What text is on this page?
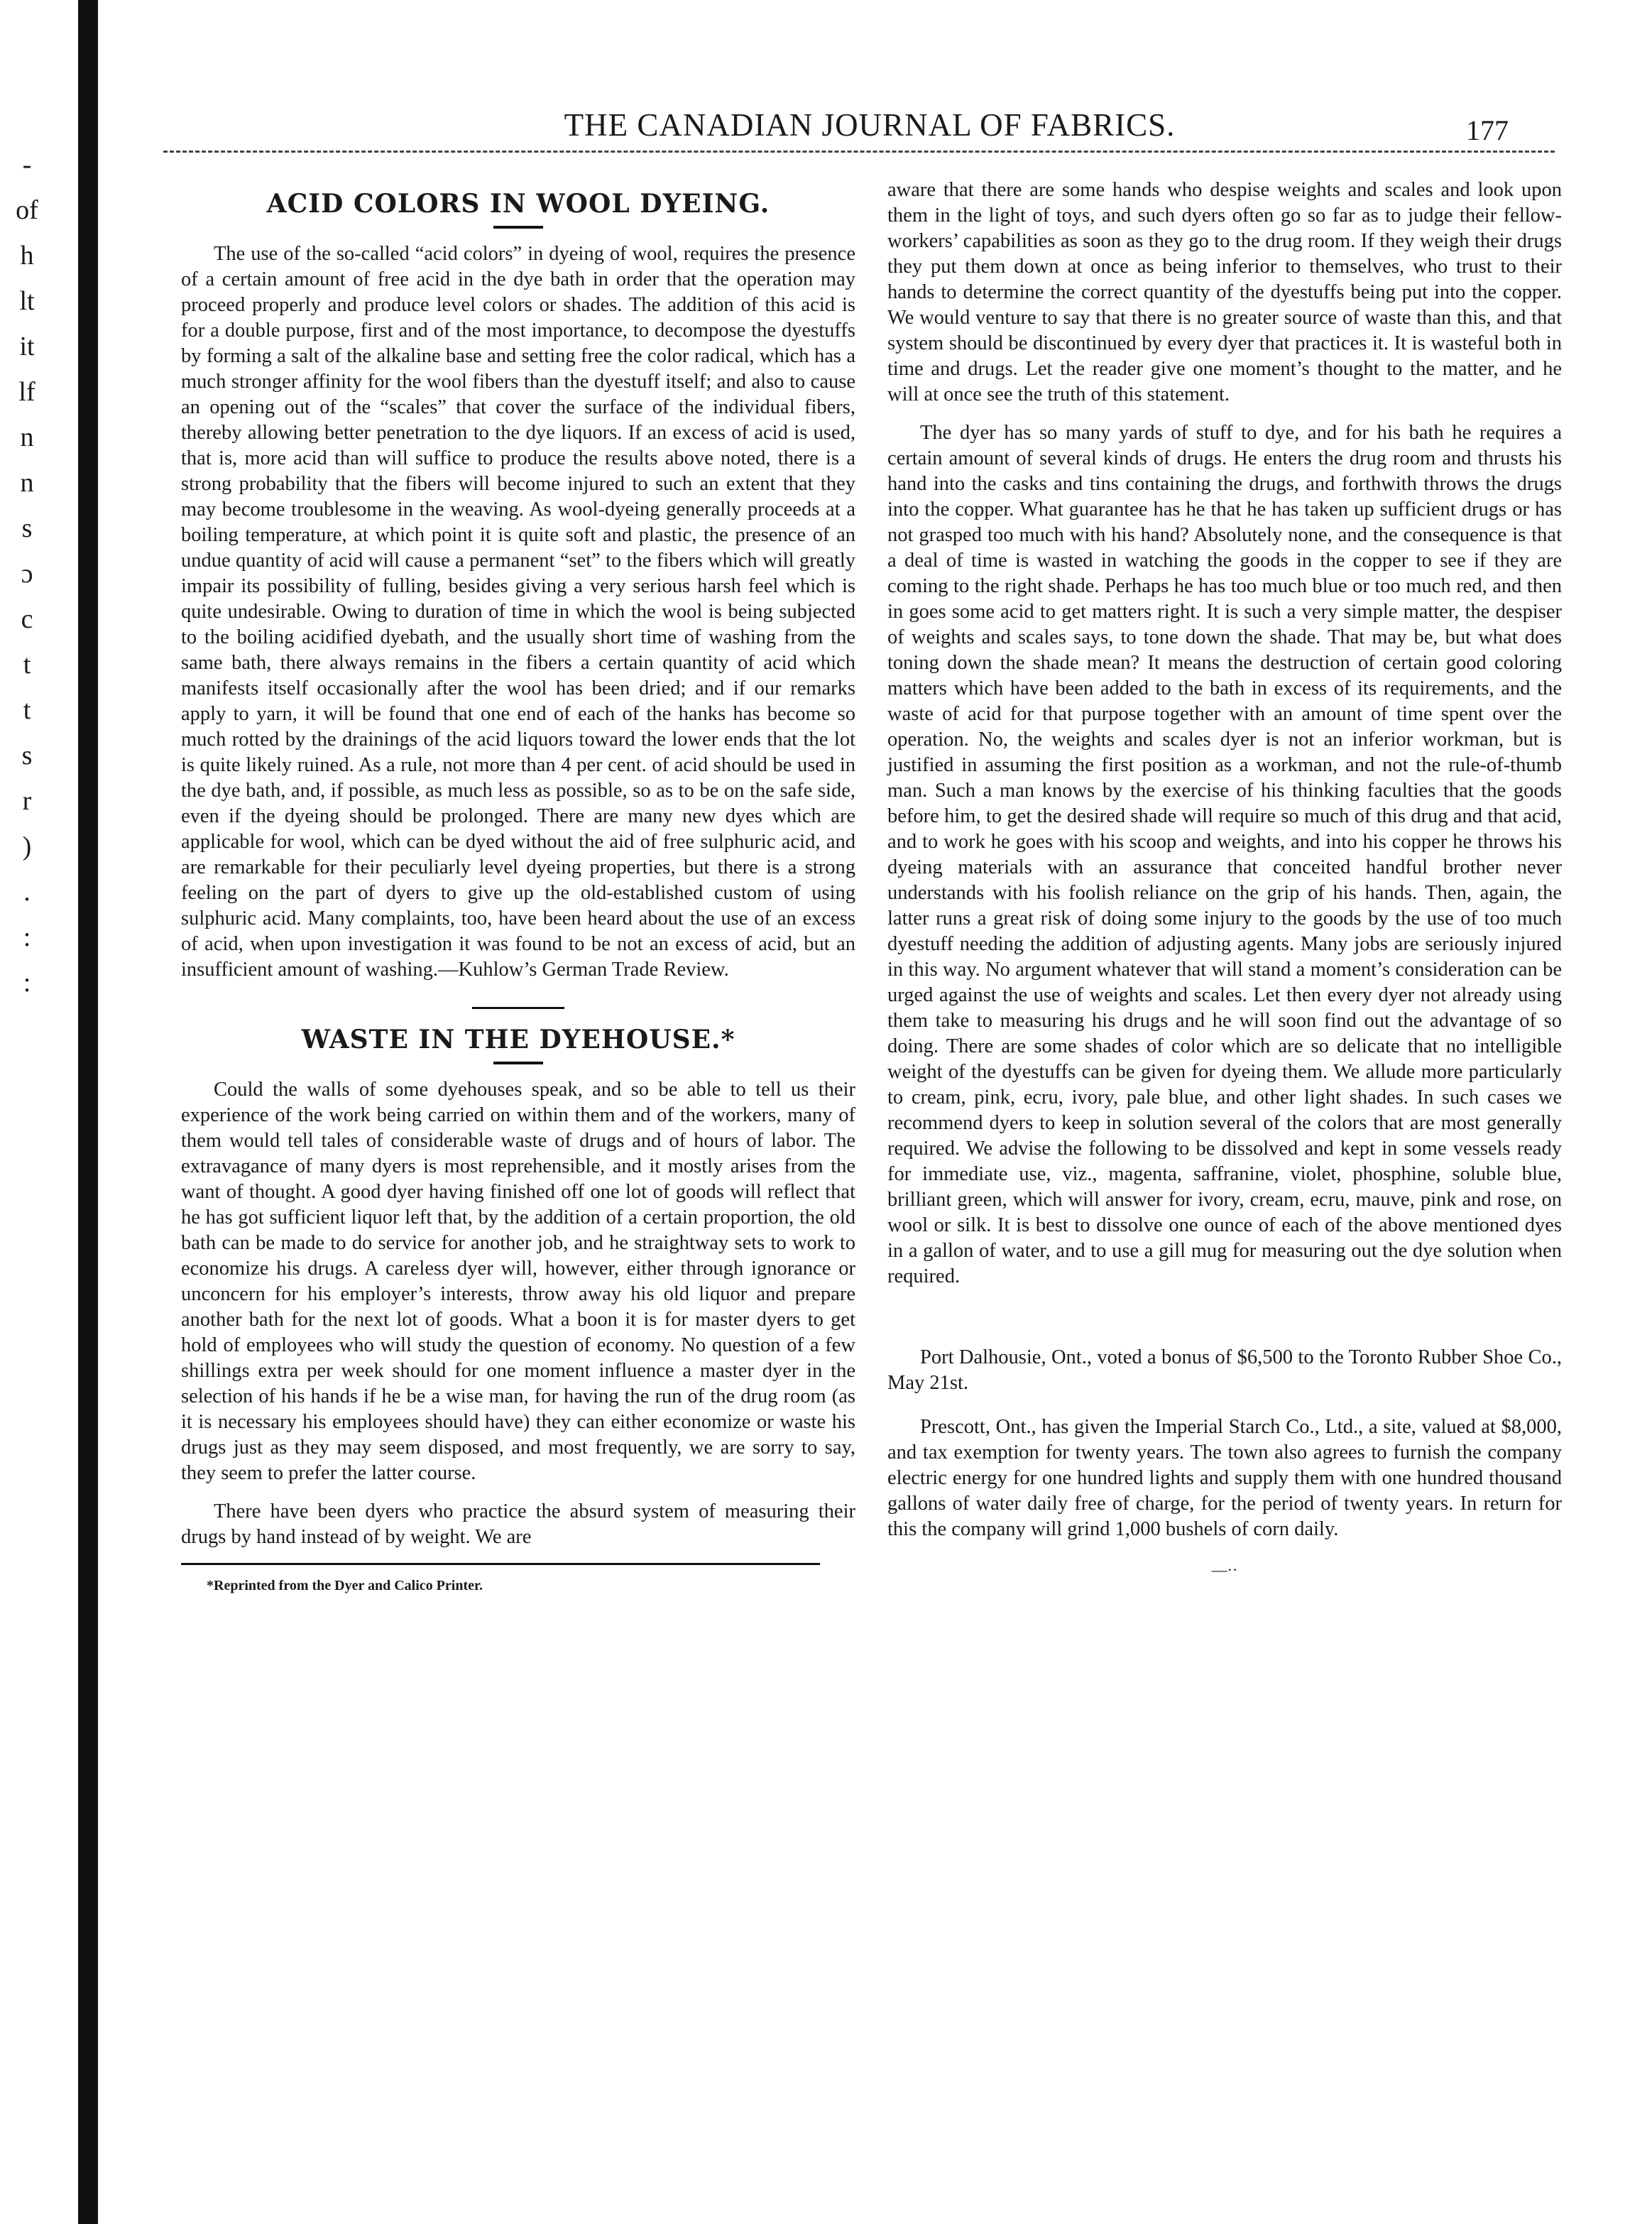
-
of
h
lt
it
lf
n
n
s
ɔ
c
t
t
s
r
)
.
:
:
THE CANADIAN JOURNAL OF FABRICS.	177
ACID COLORS IN WOOL DYEING.

The use of the so-called “acid colors” in dyeing of wool, requires the presence of a certain amount of free acid in the dye bath in order that the operation may proceed properly and produce level colors or shades. The addition of this acid is for a double purpose, first and of the most importance, to decompose the dyestuffs by forming a salt of the alkaline base and setting free the color radical, which has a much stronger affinity for the wool fibers than the dyestuff itself; and also to cause an opening out of the “scales” that cover the surface of the individual fibers, thereby allowing better penetration to the dye liquors. If an excess of acid is used, that is, more acid than will suffice to produce the results above noted, there is a strong probability that the fibers will become injured to such an extent that they may become troublesome in the weaving. As wool-dyeing generally proceeds at a boiling temperature, at which point it is quite soft and plastic, the presence of an undue quantity of acid will cause a permanent “set” to the fibers which will greatly impair its possibility of fulling, besides giving a very serious harsh feel which is quite undesirable. Owing to duration of time in which the wool is being subjected to the boiling acidified dyebath, and the usually short time of washing from the same bath, there always remains in the fibers a certain quantity of acid which manifests itself occasionally after the wool has been dried; and if our remarks apply to yarn, it will be found that one end of each of the hanks has become so much rotted by the drainings of the acid liquors toward the lower ends that the lot is quite likely ruined. As a rule, not more than 4 per cent. of acid should be used in the dye bath, and, if possible, as much less as possible, so as to be on the safe side, even if the dyeing should be prolonged. There are many new dyes which are applicable for wool, which can be dyed without the aid of free sulphuric acid, and are remarkable for their peculiarly level dyeing properties, but there is a strong feeling on the part of dyers to give up the old-established custom of using sulphuric acid. Many complaints, too, have been heard about the use of an excess of acid, when upon investigation it was found to be not an excess of acid, but an insufficient amount of washing.—Kuhlow’s German Trade Review.

WASTE IN THE DYEHOUSE.*

Could the walls of some dyehouses speak, and so be able to tell us their experience of the work being carried on within them and of the workers, many of them would tell tales of considerable waste of drugs and of hours of labor. The extravagance of many dyers is most reprehensible, and it mostly arises from the want of thought. A good dyer having finished off one lot of goods will reflect that he has got sufficient liquor left that, by the addition of a certain proportion, the old bath can be made to do service for another job, and he straightway sets to work to economize his drugs. A careless dyer will, however, either through ignorance or unconcern for his employer’s interests, throw away his old liquor and prepare another bath for the next lot of goods. What a boon it is for master dyers to get hold of employees who will study the question of economy. No question of a few shillings extra per week should for one moment influence a master dyer in the selection of his hands if he be a wise man, for having the run of the drug room (as it is necessary his employees should have) they can either economize or waste his drugs just as they may seem disposed, and most frequently, we are sorry to say, they seem to prefer the latter course.

There have been dyers who practice the absurd system of measuring their drugs by hand instead of by weight. We are

*Reprinted from the Dyer and Calico Printer.

aware that there are some hands who despise weights and scales and look upon them in the light of toys, and such dyers often go so far as to judge their fellow-workers’ capabilities as soon as they go to the drug room. If they weigh their drugs they put them down at once as being inferior to themselves, who trust to their hands to determine the correct quantity of the dyestuffs being put into the copper. We would venture to say that there is no greater source of waste than this, and that system should be discontinued by every dyer that practices it. It is wasteful both in time and drugs. Let the reader give one moment’s thought to the matter, and he will at once see the truth of this statement.

The dyer has so many yards of stuff to dye, and for his bath he requires a certain amount of several kinds of drugs. He enters the drug room and thrusts his hand into the casks and tins containing the drugs, and forthwith throws the drugs into the copper. What guarantee has he that he has taken up sufficient drugs or has not grasped too much with his hand? Absolutely none, and the consequence is that a deal of time is wasted in watching the goods in the copper to see if they are coming to the right shade. Perhaps he has too much blue or too much red, and then in goes some acid to get matters right. It is such a very simple matter, the despiser of weights and scales says, to tone down the shade. That may be, but what does toning down the shade mean? It means the destruction of certain good coloring matters which have been added to the bath in excess of its requirements, and the waste of acid for that purpose together with an amount of time spent over the operation. No, the weights and scales dyer is not an inferior workman, but is justified in assuming the first position as a workman, and not the rule-of-thumb man. Such a man knows by the exercise of his thinking faculties that the goods before him, to get the desired shade will require so much of this drug and that acid, and to work he goes with his scoop and weights, and into his copper he throws his dyeing materials with an assurance that conceited handful brother never understands with his foolish reliance on the grip of his hands. Then, again, the latter runs a great risk of doing some injury to the goods by the use of too much dyestuff needing the addition of adjusting agents. Many jobs are seriously injured in this way. No argument whatever that will stand a moment’s consideration can be urged against the use of weights and scales. Let then every dyer not already using them take to measuring his drugs and he will soon find out the advantage of so doing. There are some shades of color which are so delicate that no intelligible weight of the dyestuffs can be given for dyeing them. We allude more particularly to cream, pink, ecru, ivory, pale blue, and other light shades. In such cases we recommend dyers to keep in solution several of the colors that are most generally required. We advise the following to be dissolved and kept in some vessels ready for immediate use, viz., magenta, saffranine, violet, phosphine, soluble blue, brilliant green, which will answer for ivory, cream, ecru, mauve, pink and rose, on wool or silk. It is best to dissolve one ounce of each of the above mentioned dyes in a gallon of water, and to use a gill mug for measuring out the dye solution when required.

Port Dalhousie, Ont., voted a bonus of $6,500 to the Toronto Rubber Shoe Co., May 21st.

Prescott, Ont., has given the Imperial Starch Co., Ltd., a site, valued at $8,000, and tax exemption for twenty years. The town also agrees to furnish the company electric energy for one hundred lights and supply them with one hundred thousand gallons of water daily free of charge, for the period of twenty years. In return for this the company will grind 1,000 bushels of corn daily.

—··
